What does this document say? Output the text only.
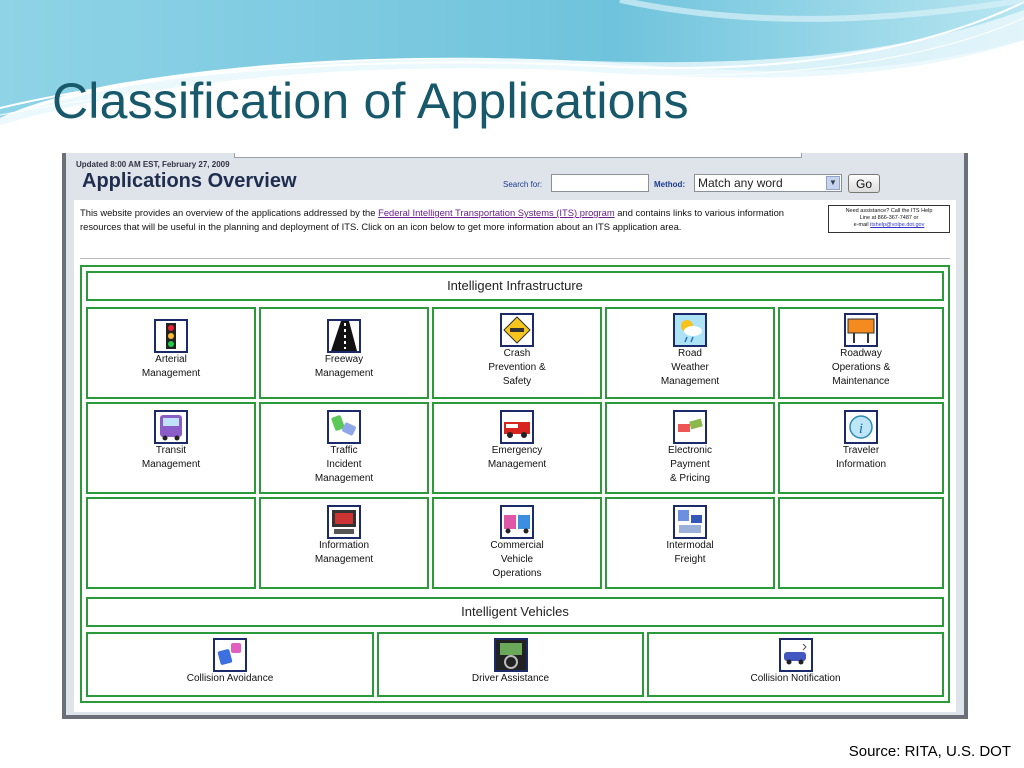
Classification of Applications
Updated 8:00 AM EST, February 27, 2009
Applications Overview	Search for:	Method:	Match any word	▼	Go

This website provides an overview of the applications addressed by the Federal Intelligent Transportation Systems (ITS) program and contains links to various information resources that will be useful in the planning and deployment of ITS. Click on an icon below to get more information about an ITS application area.

Need assistance? Call the ITS Help
Line at 866-367-7487 or
e-mail itshelp@volpe.dot.gov
Intelligent Infrastructure
Arterial
Management
Freeway
Management
Crash
Prevention &
Safety
Road
Weather
Management
Roadway
Operations &
Maintenance
Transit
Management
Traffic
Incident
Management
Emergency
Management
Electronic
Payment
& Pricing
i
Traveler
Information
Information
Management
Commercial
Vehicle
Operations
Intermodal
Freight
Intelligent Vehicles
Collision Avoidance	Driver Assistance	Collision Notification

Source: RITA, U.S. DOT
